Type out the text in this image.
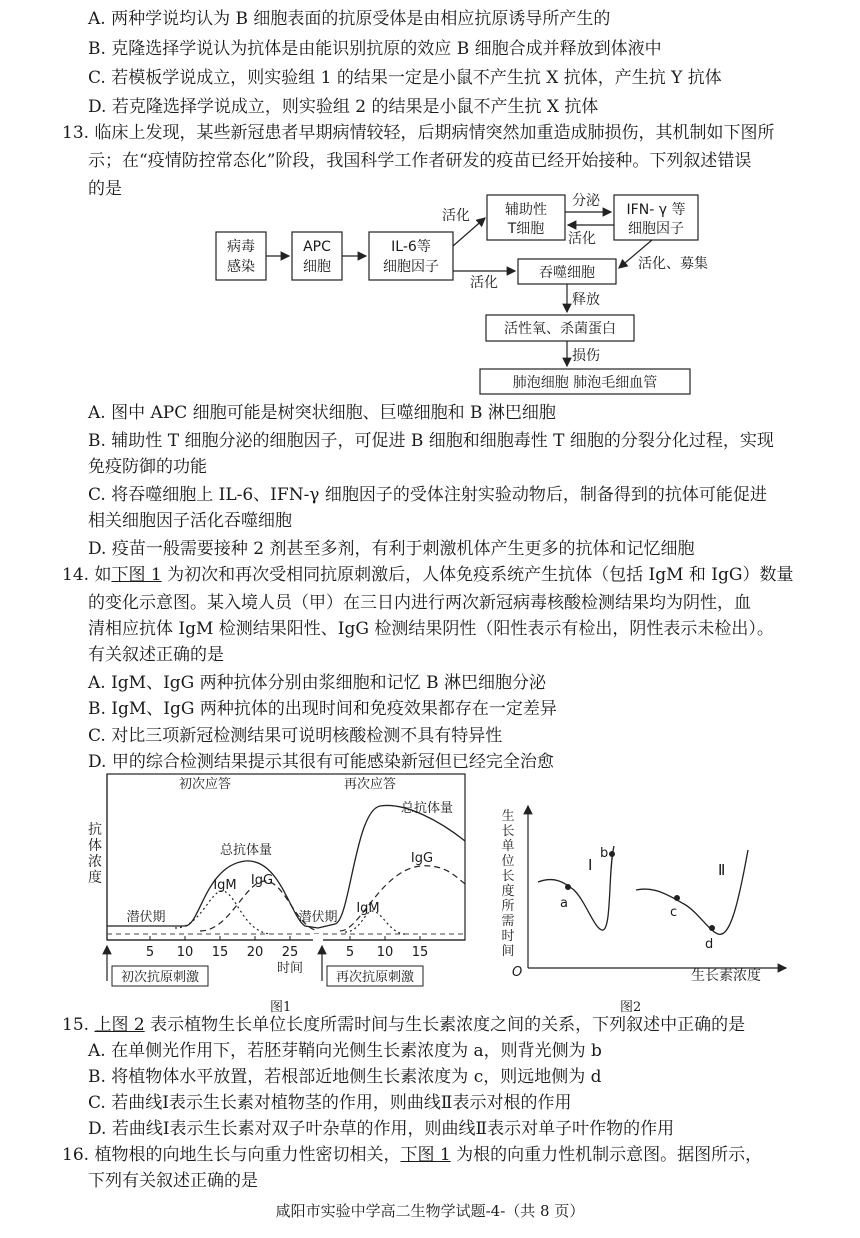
A. 两种学说均认为 B 细胞表面的抗原受体是由相应抗原诱导所产生的
B. 克隆选择学说认为抗体是由能识别抗原的效应 B 细胞合成并释放到体液中
C. 若模板学说成立，则实验组 1 的结果一定是小鼠不产生抗 X 抗体，产生抗 Y 抗体
D. 若克隆选择学说成立，则实验组 2 的结果是小鼠不产生抗 X 抗体
13. 临床上发现，某些新冠患者早期病情较轻，后期病情突然加重造成肺损伤，其机制如下图所
示；在“疫情防控常态化”阶段，我国科学工作者研发的疫苗已经开始接种。下列叙述错误
的是
病毒
感染
APC
细胞
IL-6等
细胞因子
辅助性
T细胞
IFN- γ 等
细胞因子
吞噬细胞
活性氧、杀菌蛋白
肺泡细胞 肺泡毛细血管
活化
分泌
活化
活化
活化、募集
释放
损伤
A. 图中 APC 细胞可能是树突状细胞、巨噬细胞和 B 淋巴细胞
B. 辅助性 T 细胞分泌的细胞因子，可促进 B 细胞和细胞毒性 T 细胞的分裂分化过程，实现
免疫防御的功能
C. 将吞噬细胞上 IL-6、IFN-γ 细胞因子的受体注射实验动物后，制备得到的抗体可能促进
相关细胞因子活化吞噬细胞
D. 疫苗一般需要接种 2 剂甚至多剂，有利于刺激机体产生更多的抗体和记忆细胞
14. 如下图 1 为初次和再次受相同抗原刺激后，人体免疫系统产生抗体（包括 IgM 和 IgG）数量
的变化示意图。某入境人员（甲）在三日内进行两次新冠病毒核酸检测结果均为阴性，血
清相应抗体 IgM 检测结果阳性、IgG 检测结果阴性（阳性表示有检出，阴性表示未检出）。
有关叙述正确的是
A. IgM、IgG 两种抗体分别由浆细胞和记忆 B 淋巴细胞分泌
B. IgM、IgG 两种抗体的出现时间和免疫效果都存在一定差异
C. 对比三项新冠检测结果可说明核酸检测不具有特异性
D. 甲的综合检测结果提示其很有可能感染新冠但已经完全治愈
5 10 15 20 25	5 10 15
时间
初次应答	再次应答
总抗体量
总抗体量
IgM IgG
IgM
IgG
潜伏期	潜伏期
抗
体
浓
度
初次抗原刺激	再次抗原刺激
图1
a
b
c
d
Ⅰ	Ⅱ
O	生长素浓度
生
长
单
位
长
度
所
需
时
间
图2
15. 上图 2 表示植物生长单位长度所需时间与生长素浓度之间的关系，下列叙述中正确的是
A. 在单侧光作用下，若胚芽鞘向光侧生长素浓度为 a，则背光侧为 b
B. 将植物体水平放置，若根部近地侧生长素浓度为 c，则远地侧为 d
C. 若曲线Ⅰ表示生长素对植物茎的作用，则曲线Ⅱ表示对根的作用
D. 若曲线Ⅰ表示生长素对双子叶杂草的作用，则曲线Ⅱ表示对单子叶作物的作用
16. 植物根的向地生长与向重力性密切相关，下图 1 为根的向重力性机制示意图。据图所示，
下列有关叙述正确的是
咸阳市实验中学高二生物学试题-4-（共 8 页）
